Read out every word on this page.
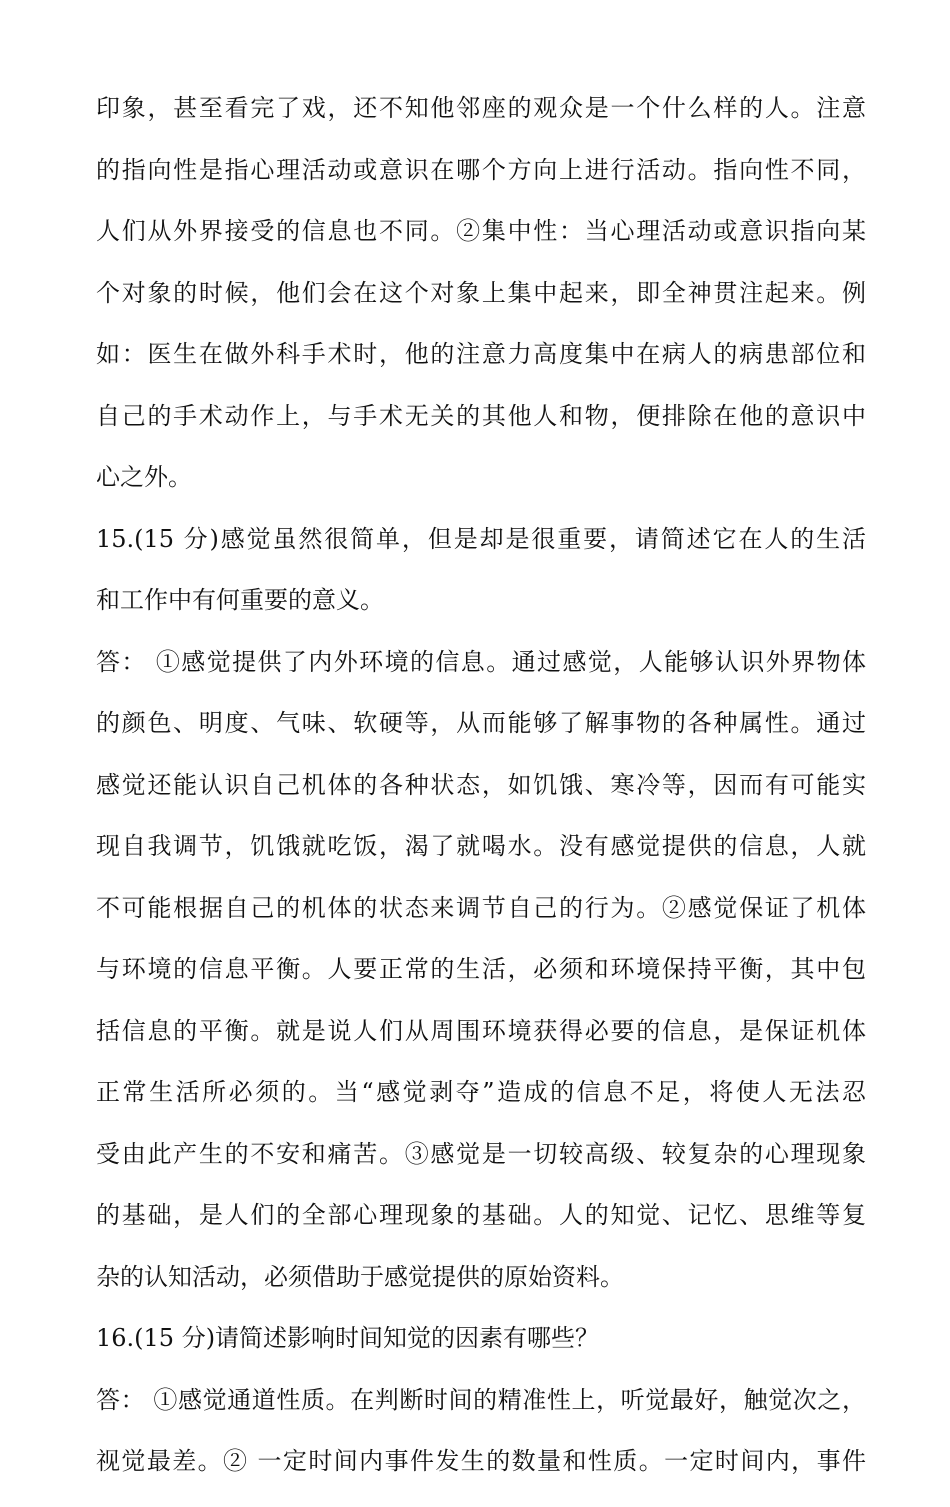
印象，甚至看完了戏，还不知他邻座的观众是一个什么样的人。注意
的指向性是指心理活动或意识在哪个方向上进行活动。指向性不同，
人们从外界接受的信息也不同。②集中性：当心理活动或意识指向某
个对象的时候，他们会在这个对象上集中起来，即全神贯注起来。例
如：医生在做外科手术时，他的注意力高度集中在病人的病患部位和
自己的手术动作上，与手术无关的其他人和物，便排除在他的意识中
心之外。
15.(15 分)感觉虽然很简单，但是却是很重要，请简述它在人的生活
和工作中有何重要的意义。
答： ①感觉提供了内外环境的信息。通过感觉，人能够认识外界物体
的颜色、明度、气味、软硬等，从而能够了解事物的各种属性。通过
感觉还能认识自己机体的各种状态，如饥饿、寒冷等，因而有可能实
现自我调节，饥饿就吃饭，渴了就喝水。没有感觉提供的信息，人就
不可能根据自己的机体的状态来调节自己的行为。②感觉保证了机体
与环境的信息平衡。人要正常的生活，必须和环境保持平衡，其中包
括信息的平衡。就是说人们从周围环境获得必要的信息，是保证机体
正常生活所必须的。当“感觉剥夺”造成的信息不足，将使人无法忍
受由此产生的不安和痛苦。③感觉是一切较高级、较复杂的心理现象
的基础，是人们的全部心理现象的基础。人的知觉、记忆、思维等复
杂的认知活动，必须借助于感觉提供的原始资料。
16.(15 分)请简述影响时间知觉的因素有哪些？
答： ①感觉通道性质。在判断时间的精准性上，听觉最好，触觉次之，
视觉最差。② 一定时间内事件发生的数量和性质。一定时间内，事件
